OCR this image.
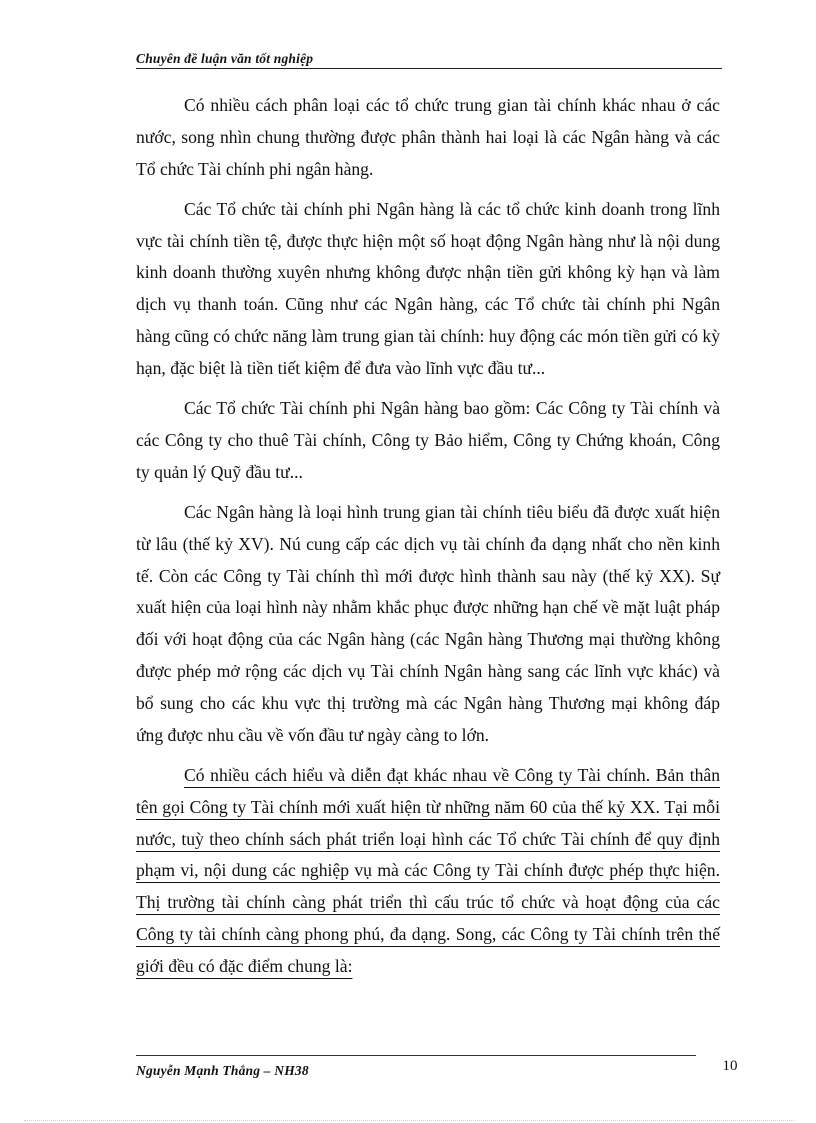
Chuyên đề luận văn tốt nghiệp

Có nhiều cách phân loại các tổ chức trung gian tài chính khác nhau ở các nước, song nhìn chung thường được phân thành hai loại là các Ngân hàng và các Tổ chức Tài chính phi ngân hàng.

Các Tổ chức tài chính phi Ngân hàng là các tổ chức kinh doanh trong lĩnh vực tài chính tiền tệ, được thực hiện một số hoạt động Ngân hàng như là nội dung kinh doanh thường xuyên nhưng không được nhận tiền gửi không kỳ hạn và làm dịch vụ thanh toán. Cũng như các Ngân hàng, các Tổ chức tài chính phi Ngân hàng cũng có chức năng làm trung gian tài chính: huy động các món tiền gửi có kỳ hạn, đặc biệt là tiền tiết kiệm để đưa vào lĩnh vực đầu tư...

Các Tổ chức Tài chính phi Ngân hàng bao gồm: Các Công ty Tài chính và các Công ty cho thuê Tài chính, Công ty Bảo hiểm, Công ty Chứng khoán, Công ty quản lý Quỹ đầu tư...

Các Ngân hàng là loại hình trung gian tài chính tiêu biểu đã được xuất hiện từ lâu (thế kỷ XV). Nú cung cấp các dịch vụ tài chính đa dạng nhất cho nền kinh tế. Còn các Công ty Tài chính thì mới được hình thành sau này (thế kỷ XX). Sự xuất hiện của loại hình này nhằm khắc phục được những hạn chế về mặt luật pháp đối với hoạt động của các Ngân hàng (các Ngân hàng Thương mại thường không được phép mở rộng các dịch vụ Tài chính Ngân hàng sang các lĩnh vực khác) và bổ sung cho các khu vực thị trường mà các Ngân hàng Thương mại không đáp ứng được nhu cầu về vốn đầu tư ngày càng to lớn.

Có nhiều cách hiểu và diễn đạt khác nhau về Công ty Tài chính. Bản thân tên gọi Công ty Tài chính mới xuất hiện từ những năm 60 của thế kỷ XX. Tại mỗi nước, tuỳ theo chính sách phát triển loại hình các Tổ chức Tài chính để quy định phạm vi, nội dung các nghiệp vụ mà các Công ty Tài chính được phép thực hiện. Thị trường tài chính càng phát triển thì cấu trúc tổ chức và hoạt động của các Công ty tài chính càng phong phú, đa dạng. Song, các Công ty Tài chính trên thế giới đều có đặc điểm chung là:

Nguyễn Mạnh Thắng – NH38	10
